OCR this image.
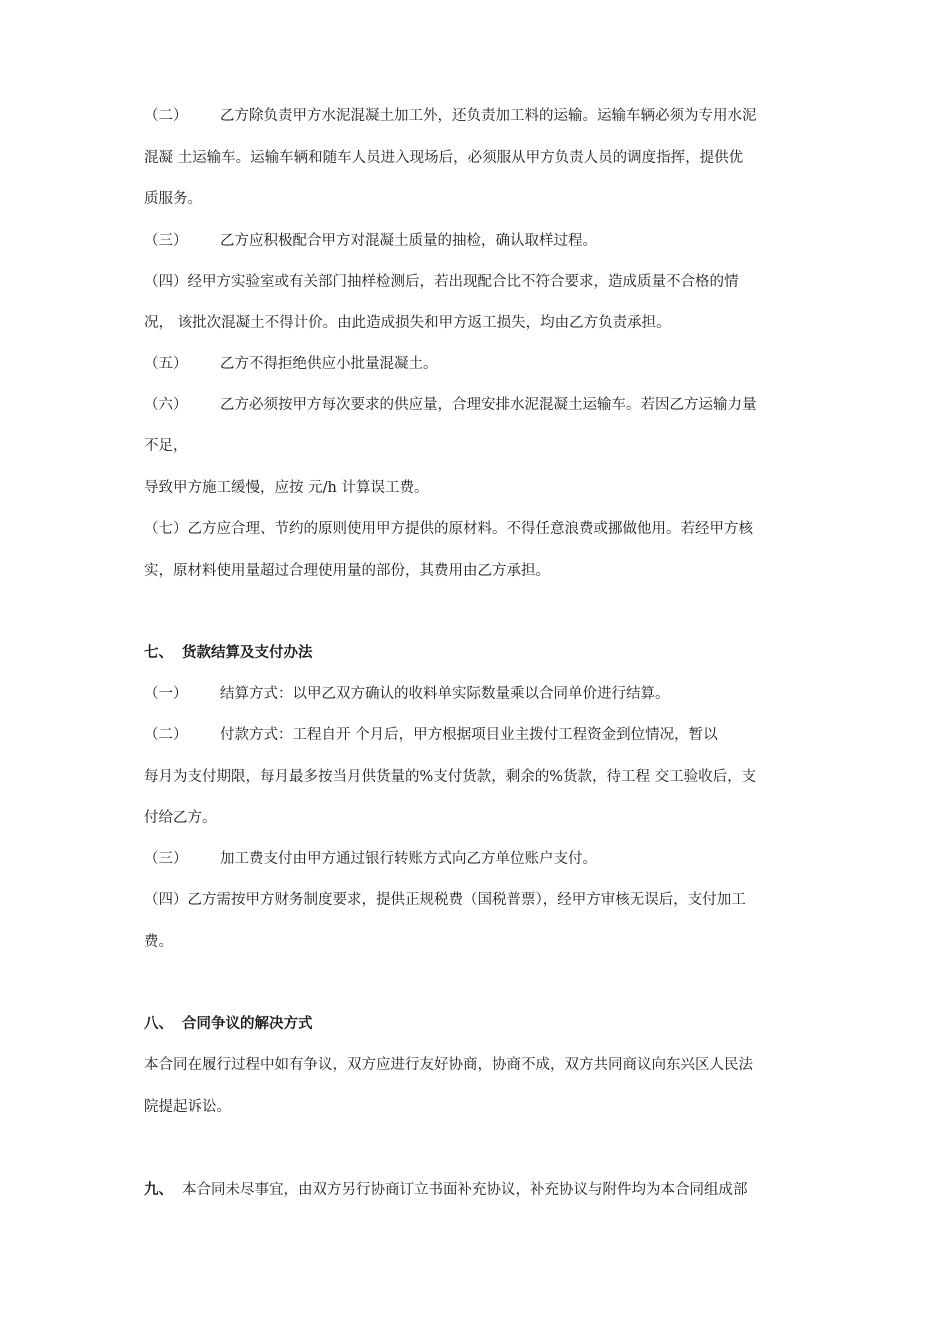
（二） 乙方除负责甲方水泥混凝土加工外，还负责加工料的运输。运输车辆必须为专用水泥
混凝 土运输车。运输车辆和随车人员进入现场后，必须服从甲方负责人员的调度指挥，提供优
质服务。
（三） 乙方应积极配合甲方对混凝土质量的抽检，确认取样过程。
（四）经甲方实验室或有关部门抽样检测后，若出现配合比不符合要求，造成质量不合格的情
况， 该批次混凝土不得计价。由此造成损失和甲方返工损失，均由乙方负责承担。
（五） 乙方不得拒绝供应小批量混凝土。
（六） 乙方必须按甲方每次要求的供应量，合理安排水泥混凝土运输车。若因乙方运输力量
不足，
导致甲方施工缓慢，应按 元/h 计算误工费。
（七）乙方应合理、节约的原则使用甲方提供的原材料。不得任意浪费或挪做他用。若经甲方核
实，原材料使用量超过合理使用量的部份，其费用由乙方承担。
七、 货款结算及支付办法
（一） 结算方式：以甲乙双方确认的收料单实际数量乘以合同单价进行结算。
（二） 付款方式：工程自开 个月后，甲方根据项目业主拨付工程资金到位情况，暂以
每月为支付期限，每月最多按当月供货量的%支付货款，剩余的%货款，待工程 交工验收后，支
付给乙方。
（三） 加工费支付由甲方通过银行转账方式向乙方单位账户支付。
（四）乙方需按甲方财务制度要求，提供正规税费（国税普票），经甲方审核无误后，支付加工
费。
八、 合同争议的解决方式
本合同在履行过程中如有争议，双方应进行友好协商，协商不成，双方共同商议向东兴区人民法
院提起诉讼。
九、 本合同未尽事宜，由双方另行协商订立书面补充协议，补充协议与附件均为本合同组成部
